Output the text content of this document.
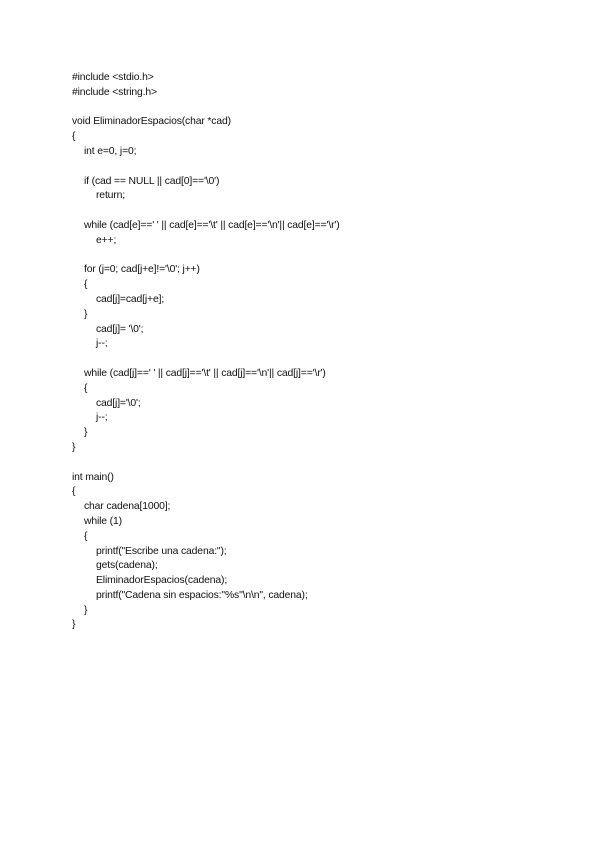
#include <stdio.h>
#include <string.h>
void EliminadorEspacios(char *cad)
{
int e=0, j=0;
if (cad == NULL || cad[0]=='\0')
return;
while (cad[e]==' ' || cad[e]=='\t' || cad[e]=='\n'|| cad[e]=='\r')
e++;
for (j=0; cad[j+e]!='\0'; j++)
{
cad[j]=cad[j+e];
}
cad[j]= '\0';
j--;
while (cad[j]==' ' || cad[j]=='\t' || cad[j]=='\n'|| cad[j]=='\r')
{
cad[j]='\0';
j--;
}
}
int main()
{
char cadena[1000];
while (1)
{
printf("Escribe una cadena:");
gets(cadena);
EliminadorEspacios(cadena);
printf("Cadena sin espacios:"%s"\n\n", cadena);
}
}
